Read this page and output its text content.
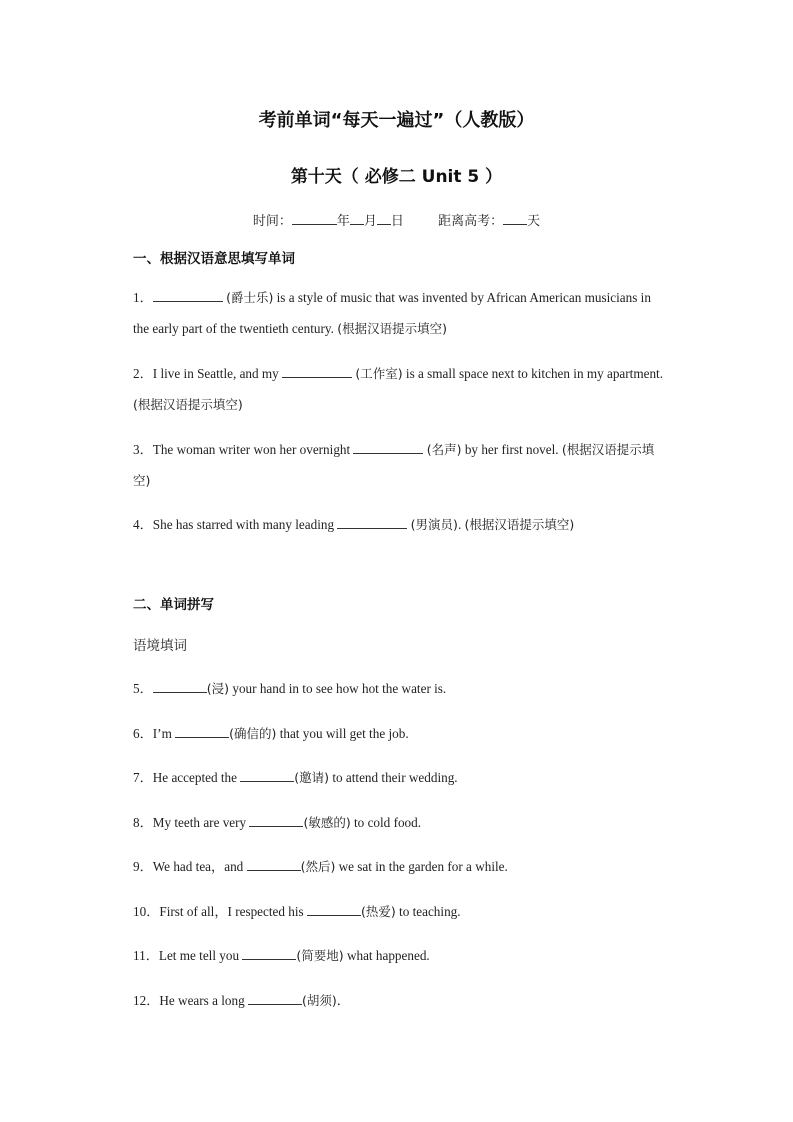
考前单词“每天一遍过”（人教版）
第十天（ 必修二 Unit 5 ）
时间：	年 月 日	距离高考： 天
一、根据汉语意思填写单词
1．	(爵士乐) is a style of music that was invented by African American musicians in the early part of the twentieth century. (根据汉语提示填空)
2．I live in Seattle, and my	(工作室) is a small space next to kitchen in my apartment. (根据汉语提示填空)
3．The woman writer won her overnight	(名声) by her first novel. (根据汉语提示填空)
4．She has starred with many leading	(男演员). (根据汉语提示填空)
二、单词拼写
语境填词
5．	(浸) your hand in to see how hot the water is.
6．I’m	(确信的) that you will get the job.
7．He accepted the	(邀请) to attend their wedding.
8．My teeth are very	(敏感的) to cold food.
9．We had tea，and	(然后) we sat in the garden for a while.
10．First of all，I respected his	(热爱) to teaching.
11．Let me tell you	(简要地) what happened.
12．He wears a long	(胡须)．
